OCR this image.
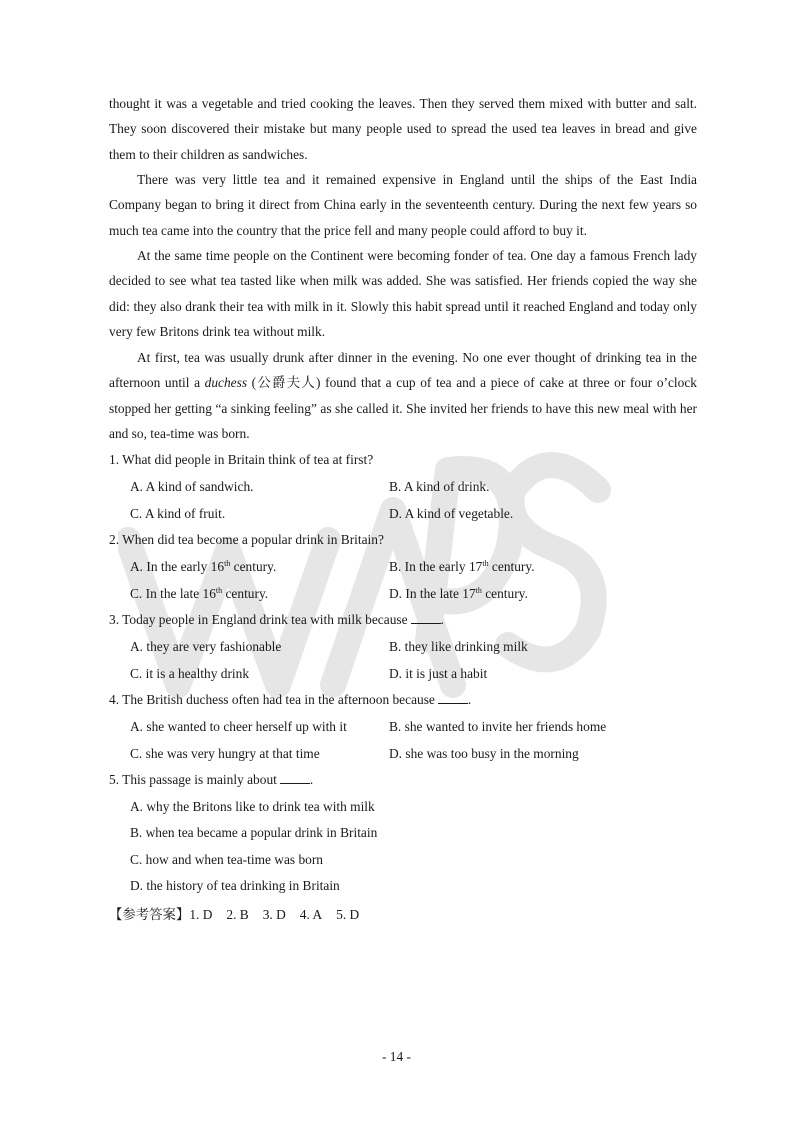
thought it was a vegetable and tried cooking the leaves. Then they served them mixed with butter and salt. They soon discovered their mistake but many people used to spread the used tea leaves in bread and give them to their children as sandwiches.

There was very little tea and it remained expensive in England until the ships of the East India Company began to bring it direct from China early in the seventeenth century. During the next few years so much tea came into the country that the price fell and many people could afford to buy it.

At the same time people on the Continent were becoming fonder of tea. One day a famous French lady decided to see what tea tasted like when milk was added. She was satisfied. Her friends copied the way she did: they also drank their tea with milk in it. Slowly this habit spread until it reached England and today only very few Britons drink tea without milk.

At first, tea was usually drunk after dinner in the evening. No one ever thought of drinking tea in the afternoon until a duchess (公爵夫人) found that a cup of tea and a piece of cake at three or four o’clock stopped her getting “a sinking feeling” as she called it. She invited her friends to have this new meal with her and so, tea-time was born.

1. What did people in Britain think of tea at first?
A. A kind of sandwich.	B. A kind of drink.
C. A kind of fruit.	D. A kind of vegetable.
2. When did tea become a popular drink in Britain?
A. In the early 16th century.	B. In the early 17th century.
C. In the late 16th century.	D. In the late 17th century.
3. Today people in England drink tea with milk because .
A. they are very fashionable	B. they like drinking milk
C. it is a healthy drink	D. it is just a habit
4. The British duchess often had tea in the afternoon because .
A. she wanted to cheer herself up with it	B. she wanted to invite her friends home
C. she was very hungry at that time	D. she was too busy in the morning
5. This passage is mainly about .
A. why the Britons like to drink tea with milk
B. when tea became a popular drink in Britain
C. how and when tea-time was born
D. the history of tea drinking in Britain
【参考答案】1. D 2. B 3. D 4. A 5. D
- 14 -
